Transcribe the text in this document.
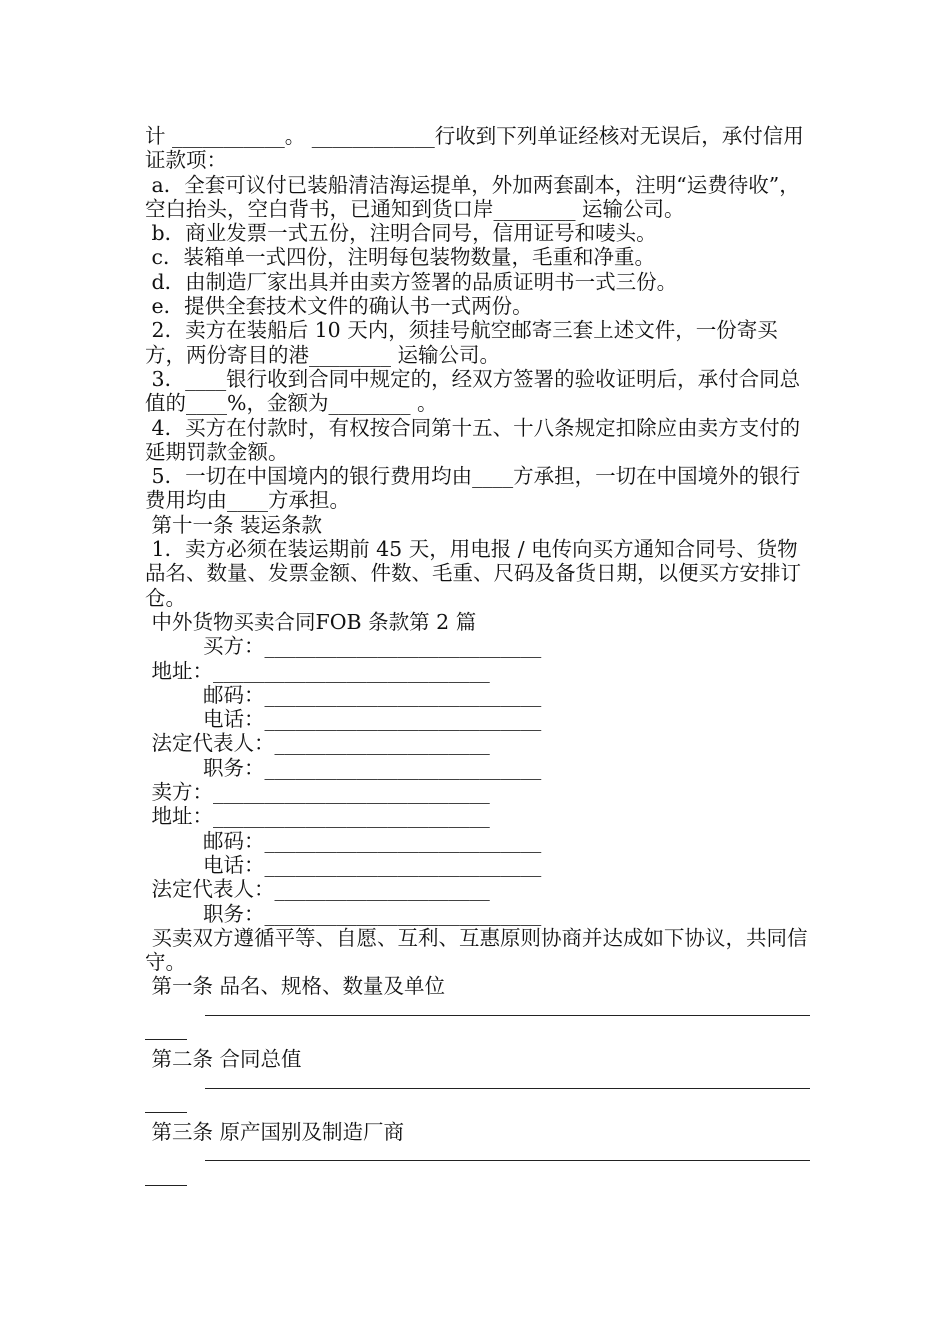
计 ___________。 ____________行收到下列单证经核对无误后，承付信用证款项：

a．全套可议付已装船清洁海运提单，外加两套副本，注明“运费待收”，空白抬头，空白背书，已通知到货口岸________ 运输公司。

b．商业发票一式五份，注明合同号，信用证号和唛头。

c．装箱单一式四份，注明每包装物数量，毛重和净重。

d．由制造厂家出具并由卖方签署的品质证明书一式三份。

e．提供全套技术文件的确认书一式两份。

2．卖方在装船后 10 天内，须挂号航空邮寄三套上述文件，一份寄买方，两份寄目的港________ 运输公司。

3．____银行收到合同中规定的，经双方签署的验收证明后，承付合同总值的____%，金额为________ 。

4．买方在付款时，有权按合同第十五、十八条规定扣除应由卖方支付的延期罚款金额。

5．一切在中国境内的银行费用均由____方承担，一切在中国境外的银行费用均由____方承担。

第十一条 装运条款

1．卖方必须在装运期前 45 天，用电报 / 电传向买方通知合同号、货物品名、数量、发票金额、件数、毛重、尺码及备货日期，以便买方安排订仓。

中外货物买卖合同FOB 条款第 2 篇

买方：___________________________

地址：___________________________

邮码：___________________________

电话：___________________________

法定代表人：_____________________

职务：___________________________

卖方：___________________________

地址：___________________________

邮码：___________________________

电话：___________________________

法定代表人：_____________________

职务：___________________________

买卖双方遵循平等、自愿、互利、互惠原则协商并达成如下协议，共同信守。

第一条 品名、规格、数量及单位

第二条 合同总值

第三条 原产国别及制造厂商
